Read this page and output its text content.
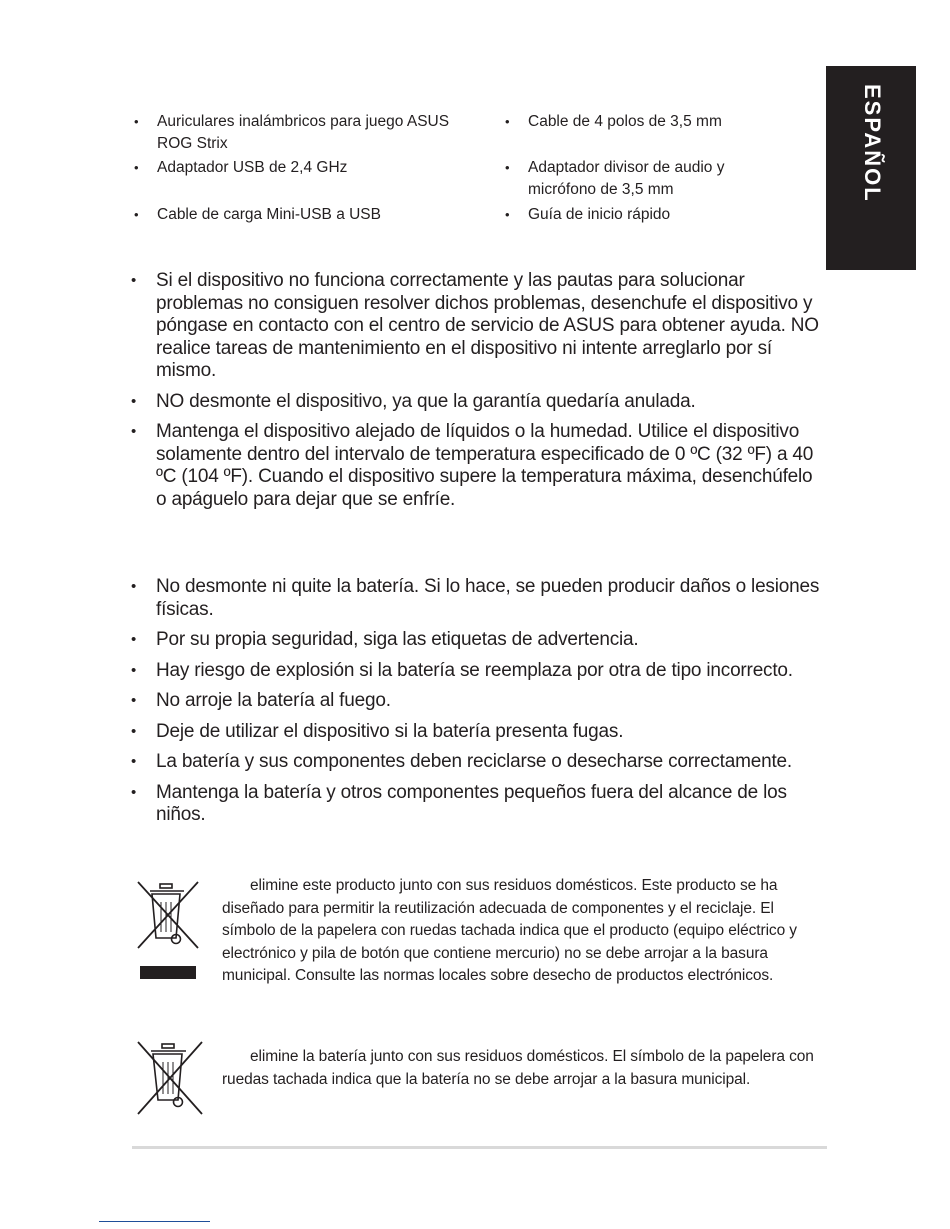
ESPAÑOL
• Auriculares inalámbricos para juego ASUS
ROG Strix
• Adaptador USB de 2,4 GHz
• Cable de carga Mini-USB a USB
• Cable de 4 polos de 3,5 mm
• Adaptador divisor de audio y
micrófono de 3,5 mm
• Guía de inicio rápido
• Si el dispositivo no funciona correctamente y las pautas para solucionar problemas no consiguen resolver dichos problemas, desenchufe el dispositivo y póngase en contacto con el centro de servicio de ASUS para obtener ayuda. NO realice tareas de mantenimiento en el dispositivo ni intente arreglarlo por sí mismo.
• NO desmonte el dispositivo, ya que la garantía quedaría anulada.
• Mantenga el dispositivo alejado de líquidos o la humedad. Utilice el dispositivo solamente dentro del intervalo de temperatura especificado de 0 ºC (32 ºF) a 40 ºC (104 ºF). Cuando el dispositivo supere la temperatura máxima, desenchúfelo o apáguelo para dejar que se enfríe.
• No desmonte ni quite la batería. Si lo hace, se pueden producir daños o lesiones físicas.
• Por su propia seguridad, siga las etiquetas de advertencia.
• Hay riesgo de explosión si la batería se reemplaza por otra de tipo incorrecto.
• No arroje la batería al fuego.
• Deje de utilizar el dispositivo si la batería presenta fugas.
• La batería y sus componentes deben reciclarse o desecharse correctamente.
• Mantenga la batería y otros componentes pequeños fuera del alcance de los niños.
elimine este producto junto con sus residuos domésticos. Este producto se ha diseñado para permitir la reutilización adecuada de componentes y el reciclaje. El símbolo de la papelera con ruedas tachada indica que el producto (equipo eléctrico y electrónico y pila de botón que contiene mercurio) no se debe arrojar a la basura municipal. Consulte las normas locales sobre desecho de productos electrónicos.
elimine la batería junto con sus residuos domésticos. El símbolo de la papelera con ruedas tachada indica que la batería no se debe arrojar a la basura municipal.
